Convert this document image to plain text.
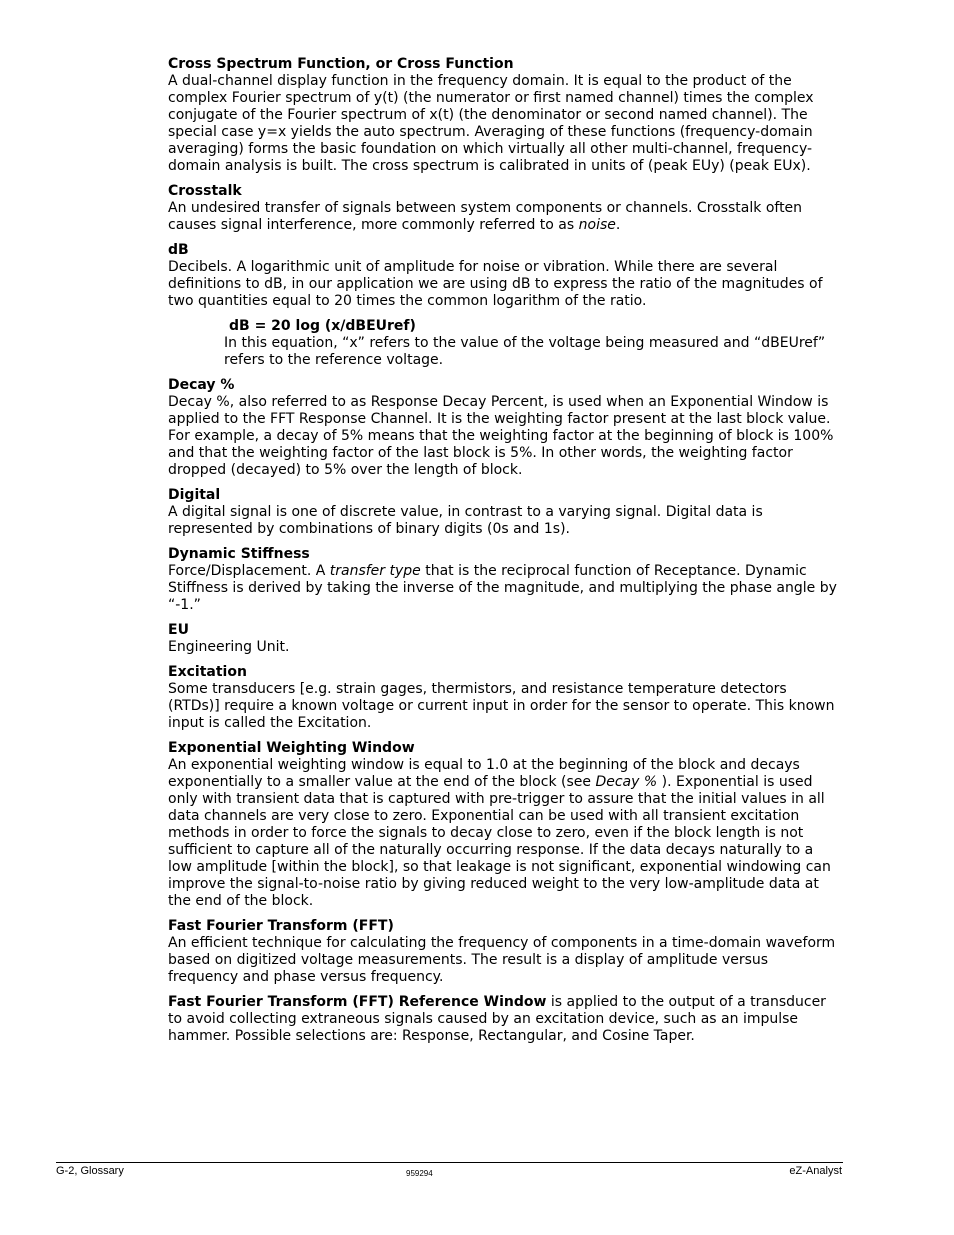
Cross Spectrum Function, or Cross Function
A dual-channel display function in the frequency domain. It is equal to the product of the complex Fourier spectrum of y(t) (the numerator or first named channel) times the complex conjugate of the Fourier spectrum of x(t) (the denominator or second named channel). The special case y=x yields the auto spectrum. Averaging of these functions (frequency-domain averaging) forms the basic foundation on which virtually all other multi-channel, frequency-domain analysis is built. The cross spectrum is calibrated in units of (peak EUy) (peak EUx).
Crosstalk
An undesired transfer of signals between system components or channels. Crosstalk often causes signal interference, more commonly referred to as noise.
dB
Decibels. A logarithmic unit of amplitude for noise or vibration. While there are several definitions to dB, in our application we are using dB to express the ratio of the magnitudes of two quantities equal to 20 times the common logarithm of the ratio.
dB = 20 log (x/dBEUref)
In this equation, “x” refers to the value of the voltage being measured and “dBEUref” refers to the reference voltage.
Decay %
Decay %, also referred to as Response Decay Percent, is used when an Exponential Window is applied to the FFT Response Channel. It is the weighting factor present at the last block value. For example, a decay of 5% means that the weighting factor at the beginning of block is 100% and that the weighting factor of the last block is 5%. In other words, the weighting factor dropped (decayed) to 5% over the length of block.
Digital
A digital signal is one of discrete value, in contrast to a varying signal. Digital data is represented by combinations of binary digits (0s and 1s).
Dynamic Stiffness
Force/Displacement. A transfer type that is the reciprocal function of Receptance. Dynamic Stiffness is derived by taking the inverse of the magnitude, and multiplying the phase angle by “-1.”
EU
Engineering Unit.
Excitation
Some transducers [e.g. strain gages, thermistors, and resistance temperature detectors (RTDs)] require a known voltage or current input in order for the sensor to operate. This known input is called the Excitation.
Exponential Weighting Window
An exponential weighting window is equal to 1.0 at the beginning of the block and decays exponentially to a smaller value at the end of the block (see Decay % ). Exponential is used only with transient data that is captured with pre-trigger to assure that the initial values in all data channels are very close to zero. Exponential can be used with all transient excitation methods in order to force the signals to decay close to zero, even if the block length is not sufficient to capture all of the naturally occurring response. If the data decays naturally to a low amplitude [within the block], so that leakage is not significant, exponential windowing can improve the signal-to-noise ratio by giving reduced weight to the very low-amplitude data at the end of the block.
Fast Fourier Transform (FFT)
An efficient technique for calculating the frequency of components in a time-domain waveform based on digitized voltage measurements. The result is a display of amplitude versus frequency and phase versus frequency.
Fast Fourier Transform (FFT) Reference Window is applied to the output of a transducer to avoid collecting extraneous signals caused by an excitation device, such as an impulse hammer. Possible selections are: Response, Rectangular, and Cosine Taper.
G-2, Glossary	959294	eZ-Analyst
